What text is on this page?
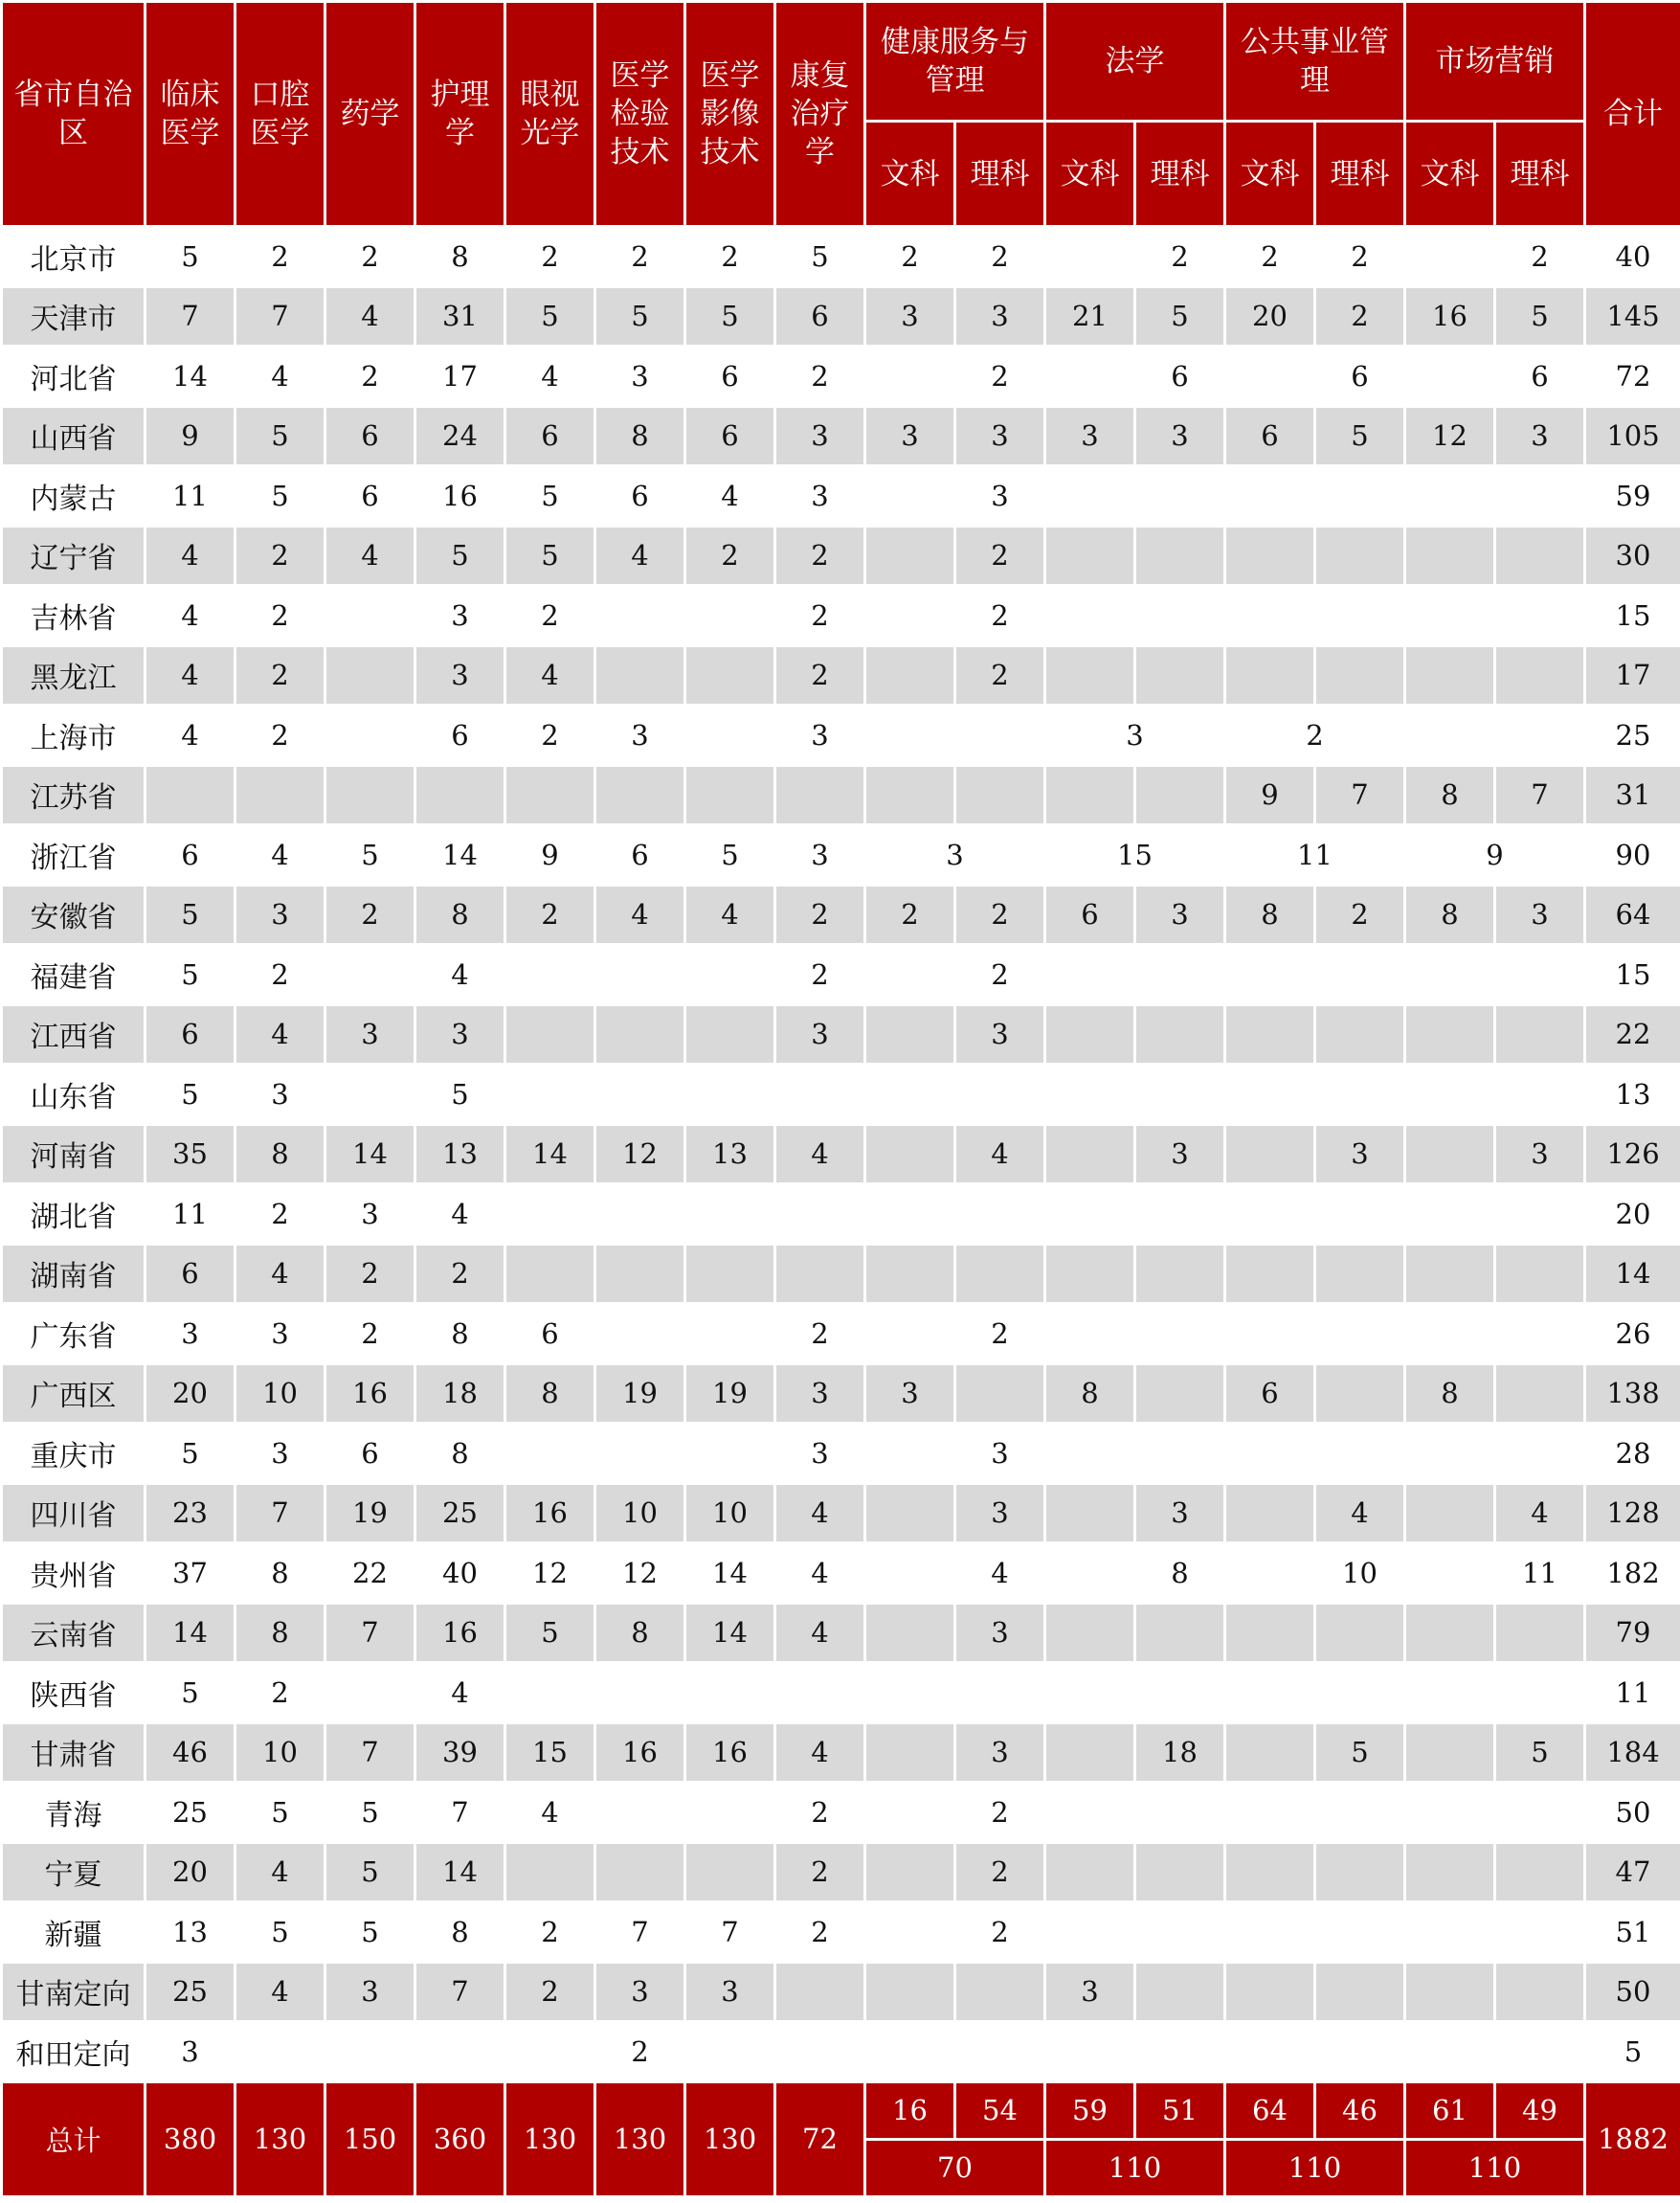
省市自治区	临床医学	口腔医学	药学	护理学	眼视光学	医学检验技术	医学影像技术	康复治疗学	健康服务与管理		法学		公共事业管理		市场营销		合计
									文科	理科	文科	理科	文科	理科	文科	理科	
北京市	5	2	2	8	2	2	2	5	2	2		2	2	2		2	40
天津市	7	7	4	31	5	5	5	6	3	3	21	5	20	2	16	5	145
河北省	14	4	2	17	4	3	6	2		2		6		6		6	72
山西省	9	5	6	24	6	8	6	3	3	3	3	3	6	5	12	3	105
内蒙古	11	5	6	16	5	6	4	3		3							59
辽宁省	4	2	4	5	5	4	2	2		2							30
吉林省	4	2		3	2			2		2							15
黑龙江	4	2		3	4			2		2							17
上海市	4	2		6	2	3		3			3		2				25
江苏省													9	7	8	7	31
浙江省	6	4	5	14	9	6	5	3	3		15		11		9		90
安徽省	5	3	2	8	2	4	4	2	2	2	6	3	8	2	8	3	64
福建省	5	2		4				2		2							15
江西省	6	4	3	3				3		3							22
山东省	5	3		5													13
河南省	35	8	14	13	14	12	13	4		4		3		3		3	126
湖北省	11	2	3	4													20
湖南省	6	4	2	2													14
广东省	3	3	2	8	6			2		2							26
广西区	20	10	16	18	8	19	19	3	3		8		6		8		138
重庆市	5	3	6	8				3		3							28
四川省	23	7	19	25	16	10	10	4		3		3		4		4	128
贵州省	37	8	22	40	12	12	14	4		4		8		10		11	182
云南省	14	8	7	16	5	8	14	4		3							79
陕西省	5	2		4													11
甘肃省	46	10	7	39	15	16	16	4		3		18		5		5	184
青海	25	5	5	7	4			2		2							50
宁夏	20	4	5	14				2		2							47
新疆	13	5	5	8	2	7	7	2		2							51
甘南定向	25	4	3	7	2	3	3				3						50
和田定向	3					2											5
总计	380	130	150	360	130	130	130	72	16	54	59	51	64	46	61	49	1882
									70		110		110		110		
